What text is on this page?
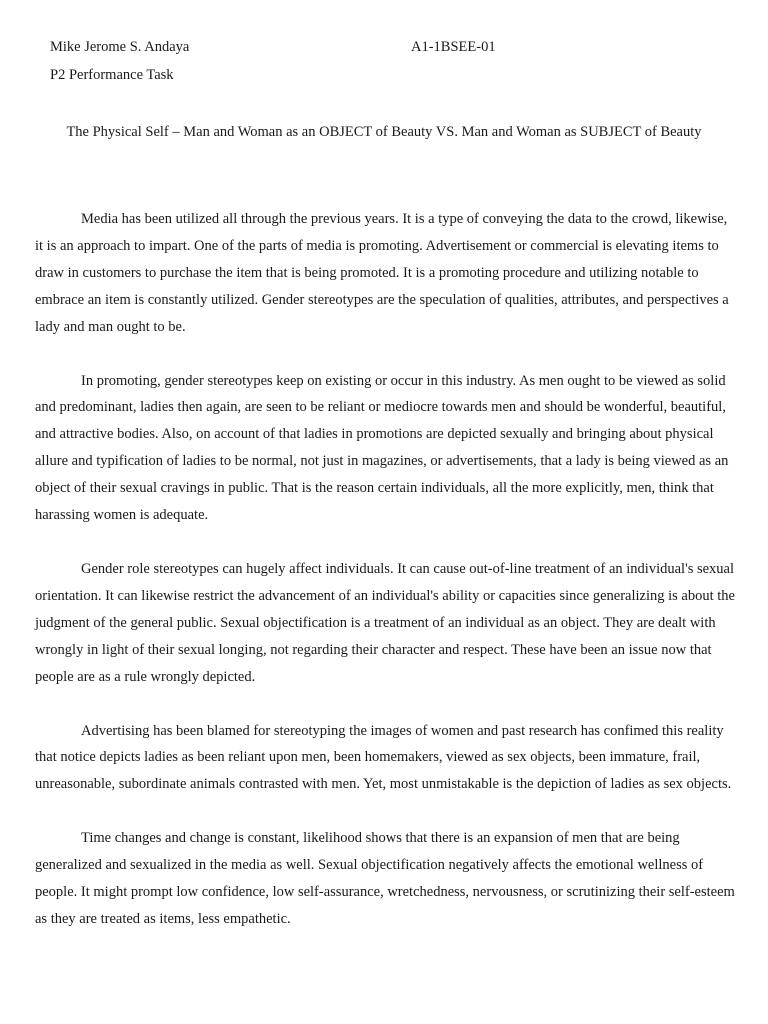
Mike Jerome S. Andaya	A1-1BSEE-01
P2 Performance Task
The Physical Self – Man and Woman as an OBJECT of Beauty VS. Man and Woman as SUBJECT of Beauty

Media has been utilized all through the previous years. It is a type of conveying the data to the crowd, likewise, it is an approach to impart. One of the parts of media is promoting. Advertisement or commercial is elevating items to draw in customers to purchase the item that is being promoted. It is a promoting procedure and utilizing notable to embrace an item is constantly utilized. Gender stereotypes are the speculation of qualities, attributes, and perspectives a lady and man ought to be.

In promoting, gender stereotypes keep on existing or occur in this industry. As men ought to be viewed as solid and predominant, ladies then again, are seen to be reliant or mediocre towards men and should be wonderful, beautiful, and attractive bodies. Also, on account of that ladies in promotions are depicted sexually and bringing about physical allure and typification of ladies to be normal, not just in magazines, or advertisements, that a lady is being viewed as an object of their sexual cravings in public. That is the reason certain individuals, all the more explicitly, men, think that harassing women is adequate.

Gender role stereotypes can hugely affect individuals. It can cause out-of-line treatment of an individual's sexual orientation. It can likewise restrict the advancement of an individual's ability or capacities since generalizing is about the judgment of the general public. Sexual objectification is a treatment of an individual as an object. They are dealt with wrongly in light of their sexual longing, not regarding their character and respect. These have been an issue now that people are as a rule wrongly depicted.

Advertising has been blamed for stereotyping the images of women and past research has confimed this reality that notice depicts ladies as been reliant upon men, been homemakers, viewed as sex objects, been immature, frail, unreasonable, subordinate animals contrasted with men. Yet, most unmistakable is the depiction of ladies as sex objects.

Time changes and change is constant, likelihood shows that there is an expansion of men that are being generalized and sexualized in the media as well. Sexual objectification negatively affects the emotional wellness of people. It might prompt low confidence, low self-assurance, wretchedness, nervousness, or scrutinizing their self-esteem as they are treated as items, less empathetic.
